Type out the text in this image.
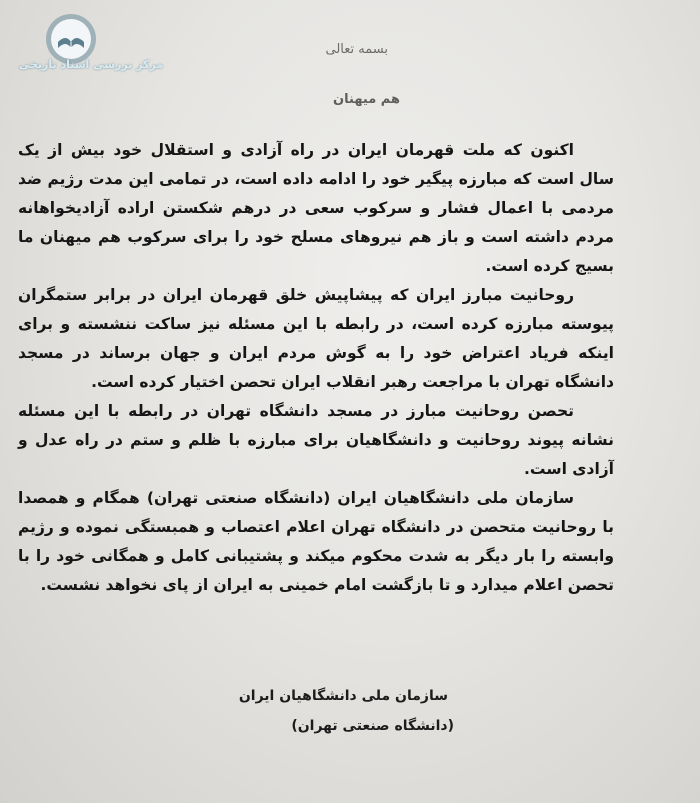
مرکز بررسی اسناد تاریخی
بسمه تعالی
هم میهنان

اکنون که ملت قهرمان ایران در راه آزادی و استقلال خود بیش از یک سال است که مبارزه پیگیر خود را ادامه داده است، در تمامی این مدت رژیم ضد مردمی با اعمال فشار و سرکوب سعی در درهم شکستن اراده آزادیخواهانه مردم داشته است و باز هم نیروهای مسلح خود را برای سرکوب هم میهنان ما بسیج کرده است.

روحانیت مبارز ایران که پیشاپیش خلق قهرمان ایران در برابر ستمگران پیوسته مبارزه کرده است، در رابطه با این مسئله نیز ساکت ننشسته و برای اینکه فریاد اعتراض خود را به گوش مردم ایران و جهان برساند در مسجد دانشگاه تهران با مراجعت رهبر انقلاب ایران تحصن اختیار کرده است.

تحصن روحانیت مبارز در مسجد دانشگاه تهران در رابطه با این مسئله نشانه پیوند روحانیت و دانشگاهیان برای مبارزه با ظلم و ستم در راه عدل و آزادی است.

سازمان ملی دانشگاهیان ایران (دانشگاه صنعتی تهران) همگام و همصدا با روحانیت متحصن در دانشگاه تهران اعلام اعتصاب و همبستگی نموده و رژیم وابسته را بار دیگر به شدت محکوم میکند و پشتیبانی کامل و همگانی خود را با تحصن اعلام میدارد و تا بازگشت امام خمینی به ایران از پای نخواهد نشست.

سازمان ملی دانشگاهیان ایران
(دانشگاه صنعتی تهران)
